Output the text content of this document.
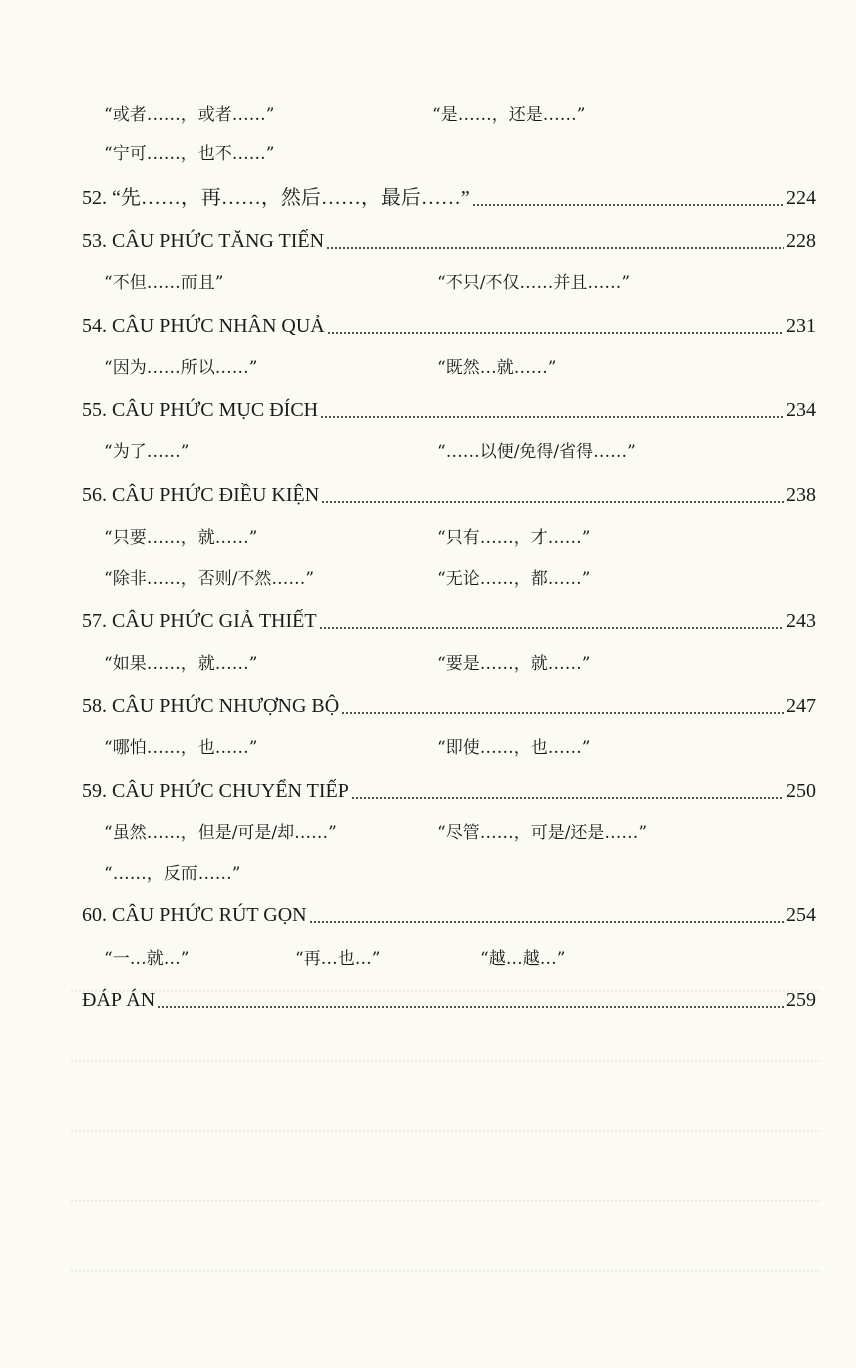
“或者……，或者……”	“是……，还是……”
“宁可……，也不……”
52. “先……，再……，然后……，最后……”	224
53. CÂU PHỨC TĂNG TIẾN	228
“不但……而且”	“不只/不仅……并且……”
54. CÂU PHỨC NHÂN QUẢ	231
“因为……所以……”	“既然…就……”
55. CÂU PHỨC MỤC ĐÍCH	234
“为了……”	“……以便/免得/省得……”
56. CÂU PHỨC ĐIỀU KIỆN	238
“只要……，就……”	“只有……，才……”
“除非……，否则/不然……”	“无论……，都……”
57. CÂU PHỨC GIẢ THIẾT	243
“如果……，就……”	“要是……，就……”
58. CÂU PHỨC NHƯỢNG BỘ	247
“哪怕……，也……”	“即使……，也……”
59. CÂU PHỨC CHUYỂN TIẾP	250
“虽然……，但是/可是/却……”	“尽管……，可是/还是……”
“……，反而……”
60. CÂU PHỨC RÚT GỌN	254
“一…就…”	“再…也…”	“越…越…”
ĐÁP ÁN	259
